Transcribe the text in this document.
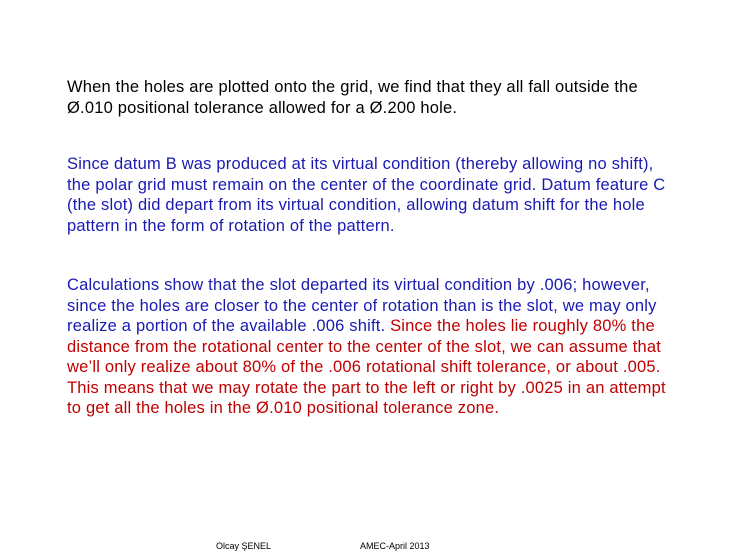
When the holes are plotted onto the grid, we find that they all fall outside the Ø.010 positional tolerance allowed for a Ø.200 hole.

Since datum B was produced at its virtual condition (thereby allowing no shift), the polar grid must remain on the center of the coordinate grid. Datum feature C (the slot) did depart from its virtual condition, allowing datum shift for the hole pattern in the form of rotation of the pattern.

Calculations show that the slot departed its virtual condition by .006; however, since the holes are closer to the center of rotation than is the slot, we may only realize a portion of the available .006 shift. Since the holes lie roughly 80% the distance from the rotational center to the center of the slot, we can assume that we’ll only realize about 80% of the .006 rotational shift tolerance, or about .005. This means that we may rotate the part to the left or right by .0025 in an attempt to get all the holes in the Ø.010 positional tolerance zone.

Olcay ŞENEL	AMEC-April 2013
